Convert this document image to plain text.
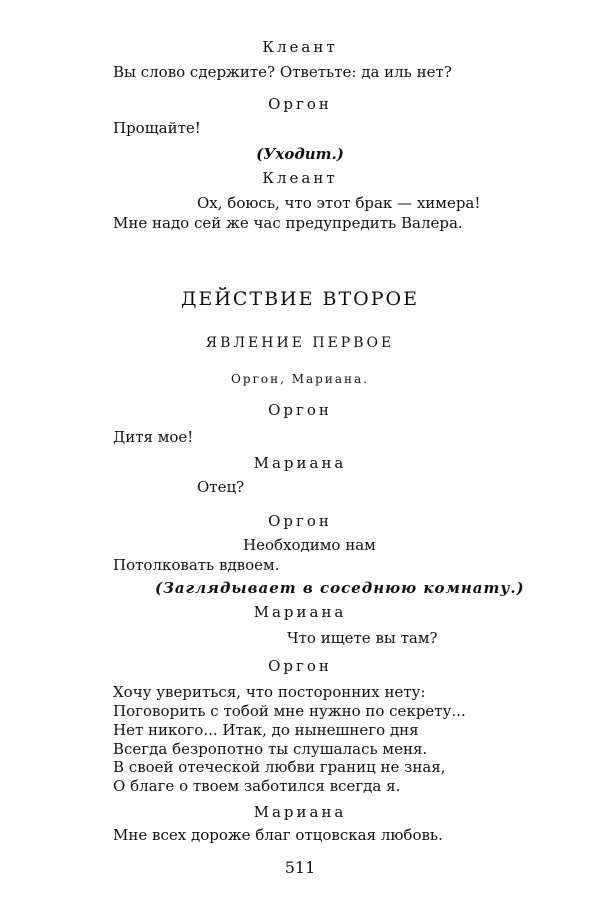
Клеант
Вы слово сдержите? Ответьте: да иль нет?
Оргон
Прощайте!
(Уходит.)
Клеант
Ох, боюсь, что этот брак — химера!
Мне надо сей же час предупредить Валера.
ДЕЙСТВИЕ ВТОРОЕ
ЯВЛЕНИЕ ПЕРВОЕ
Оргон, Мариана.
Оргон
Дитя мое!
Мариана
Отец?
Оргон
Необходимо нам
Потолковать вдвоем.
(Заглядывает в соседнюю комнату.)
Мариана
Что ищете вы там?
Оргон
Хочу увериться, что посторонних нету:
Поговорить с тобой мне нужно по секрету...
Нет никого... Итак, до нынешнего дня
Всегда безропотно ты слушалась меня.
В своей отеческой любви границ не зная,
О благе о твоем заботился всегда я.
Мариана
Мне всех дороже благ отцовская любовь.
511
